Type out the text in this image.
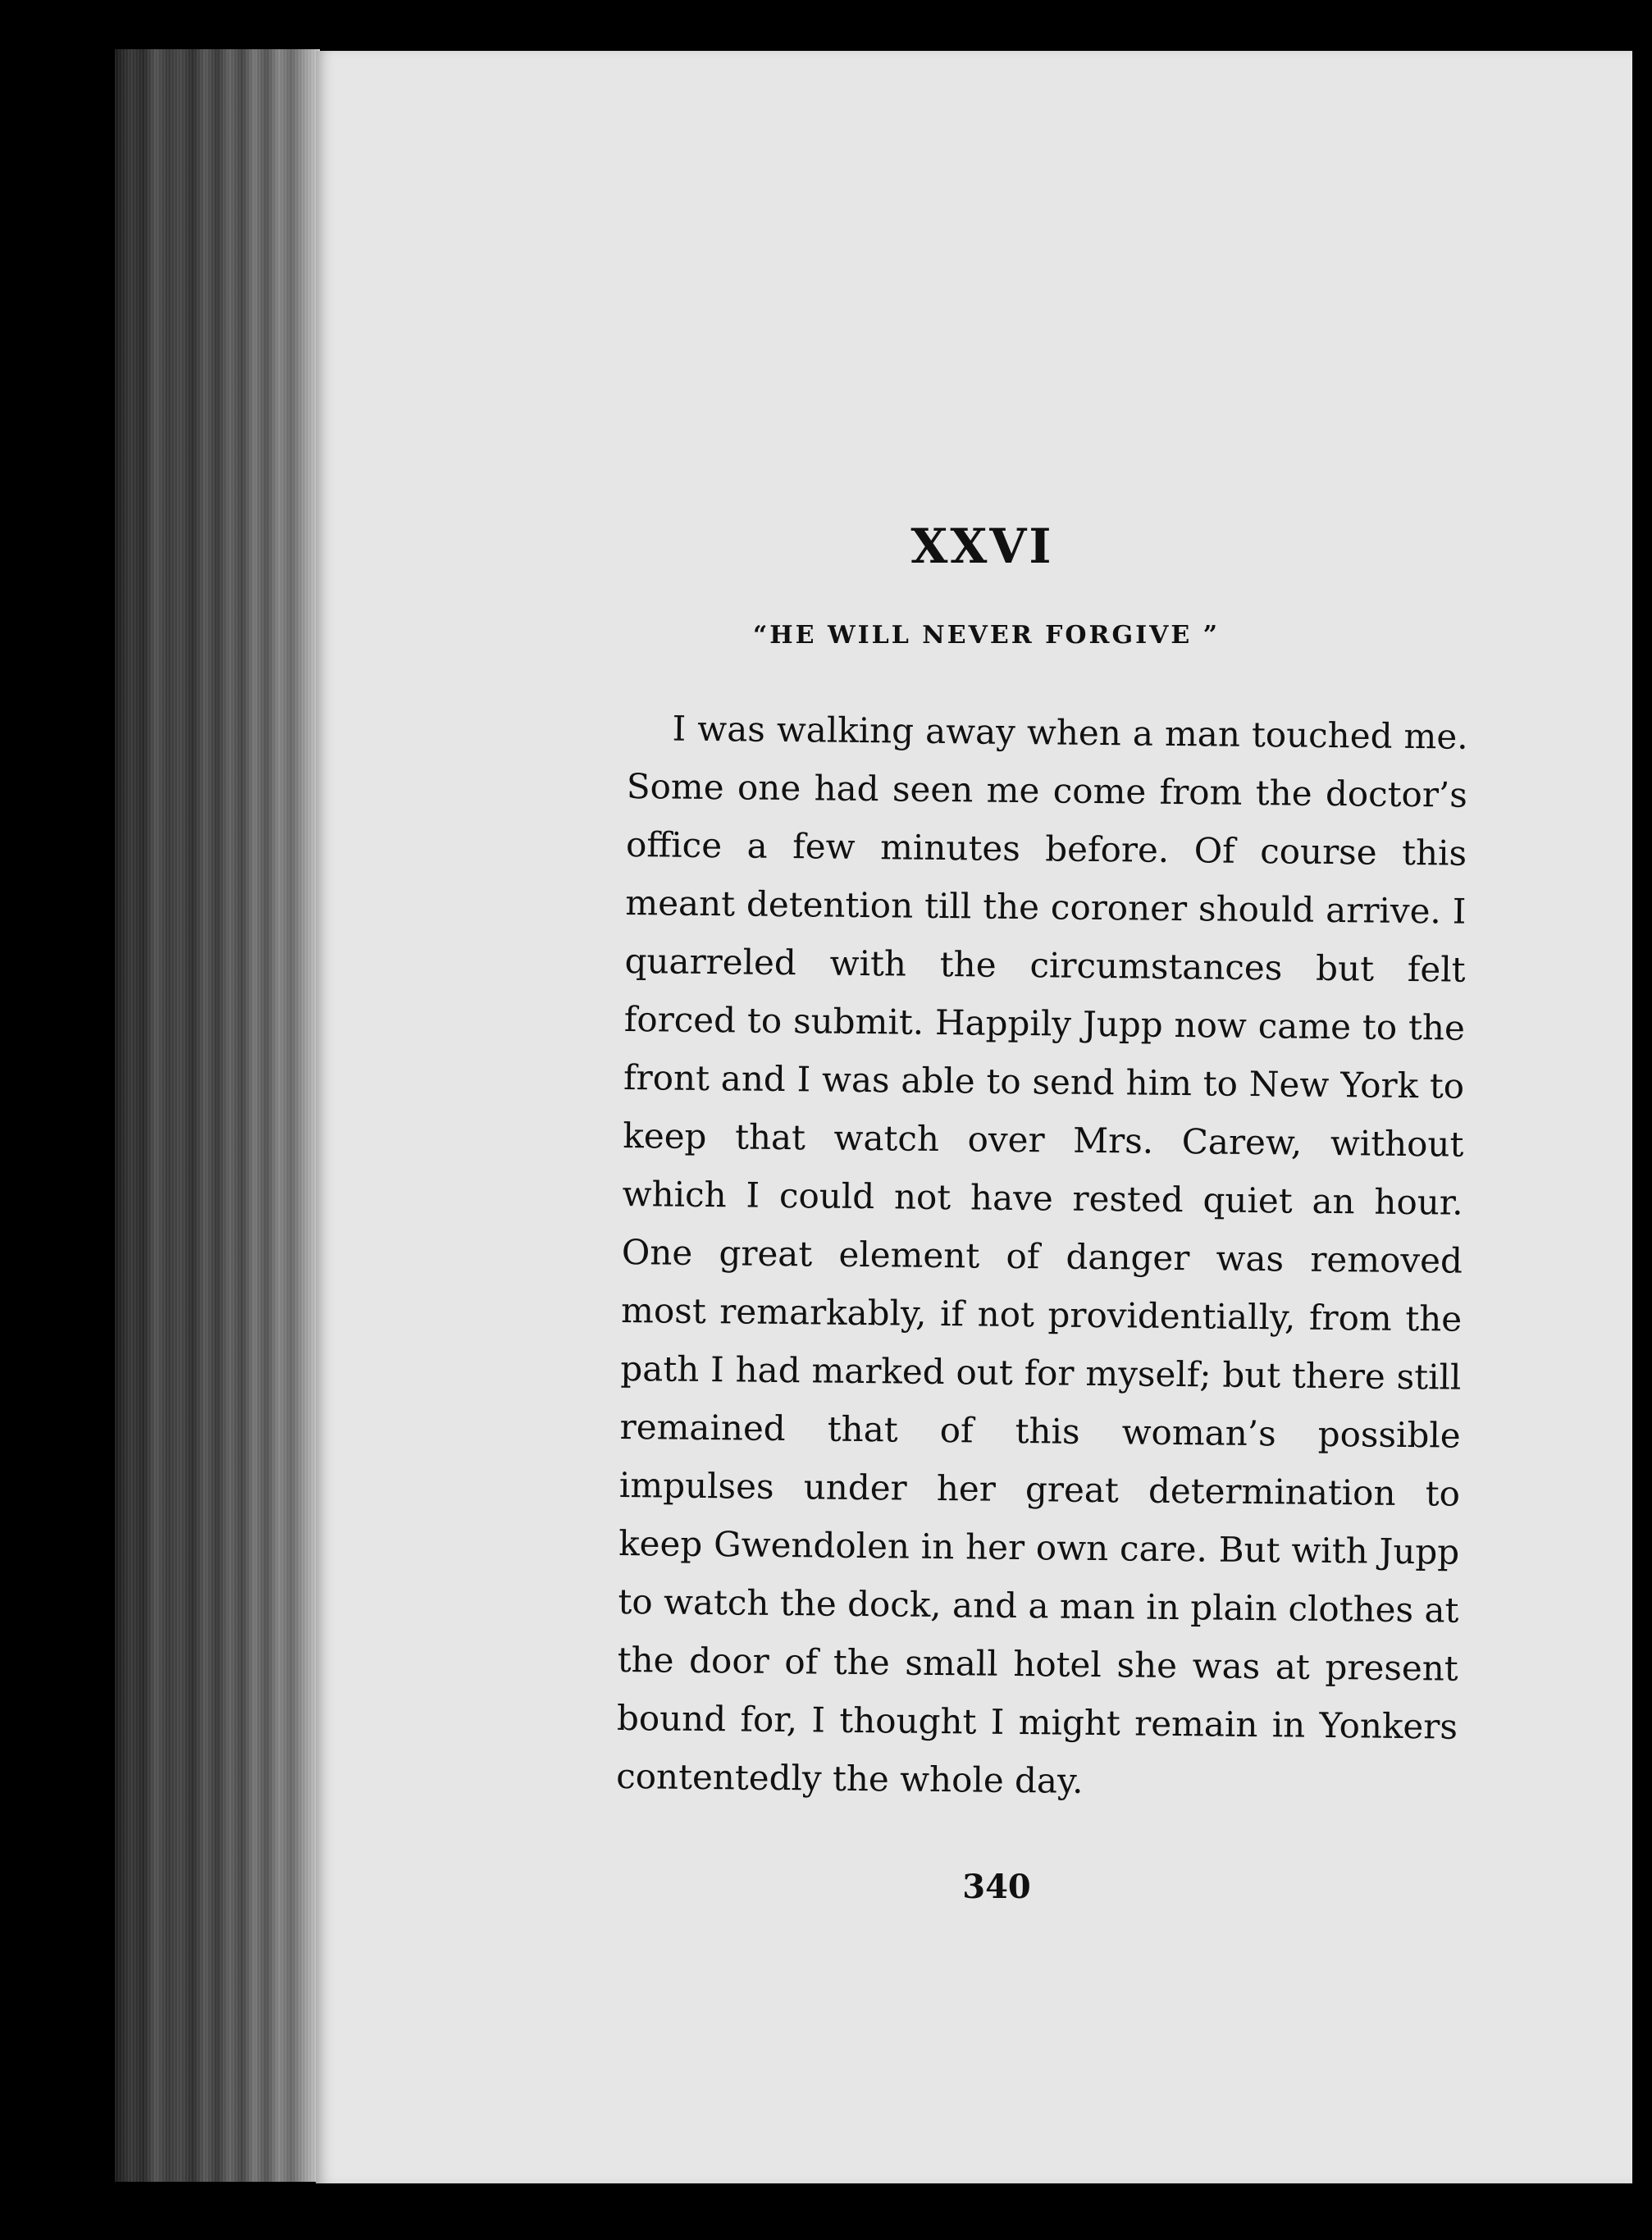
XXVI
“HE WILL NEVER FORGIVE ”

I was walking away when a man touched me. Some one had seen me come from the doctor’s office a few minutes before. Of course this meant detention till the coroner should arrive. I quarreled with the circumstances but felt forced to submit. Happily Jupp now came to the front and I was able to send him to New York to keep that watch over Mrs. Carew, without which I could not have rested quiet an hour. One great element of danger was removed most remarkably, if not providentially, from the path I had marked out for myself; but there still remained that of this woman’s possible impulses under her great determination to keep Gwendolen in her own care. But with Jupp to watch the dock, and a man in plain clothes at the door of the small hotel she was at present bound for, I thought I might remain in Yonkers contentedly the whole day.

340
